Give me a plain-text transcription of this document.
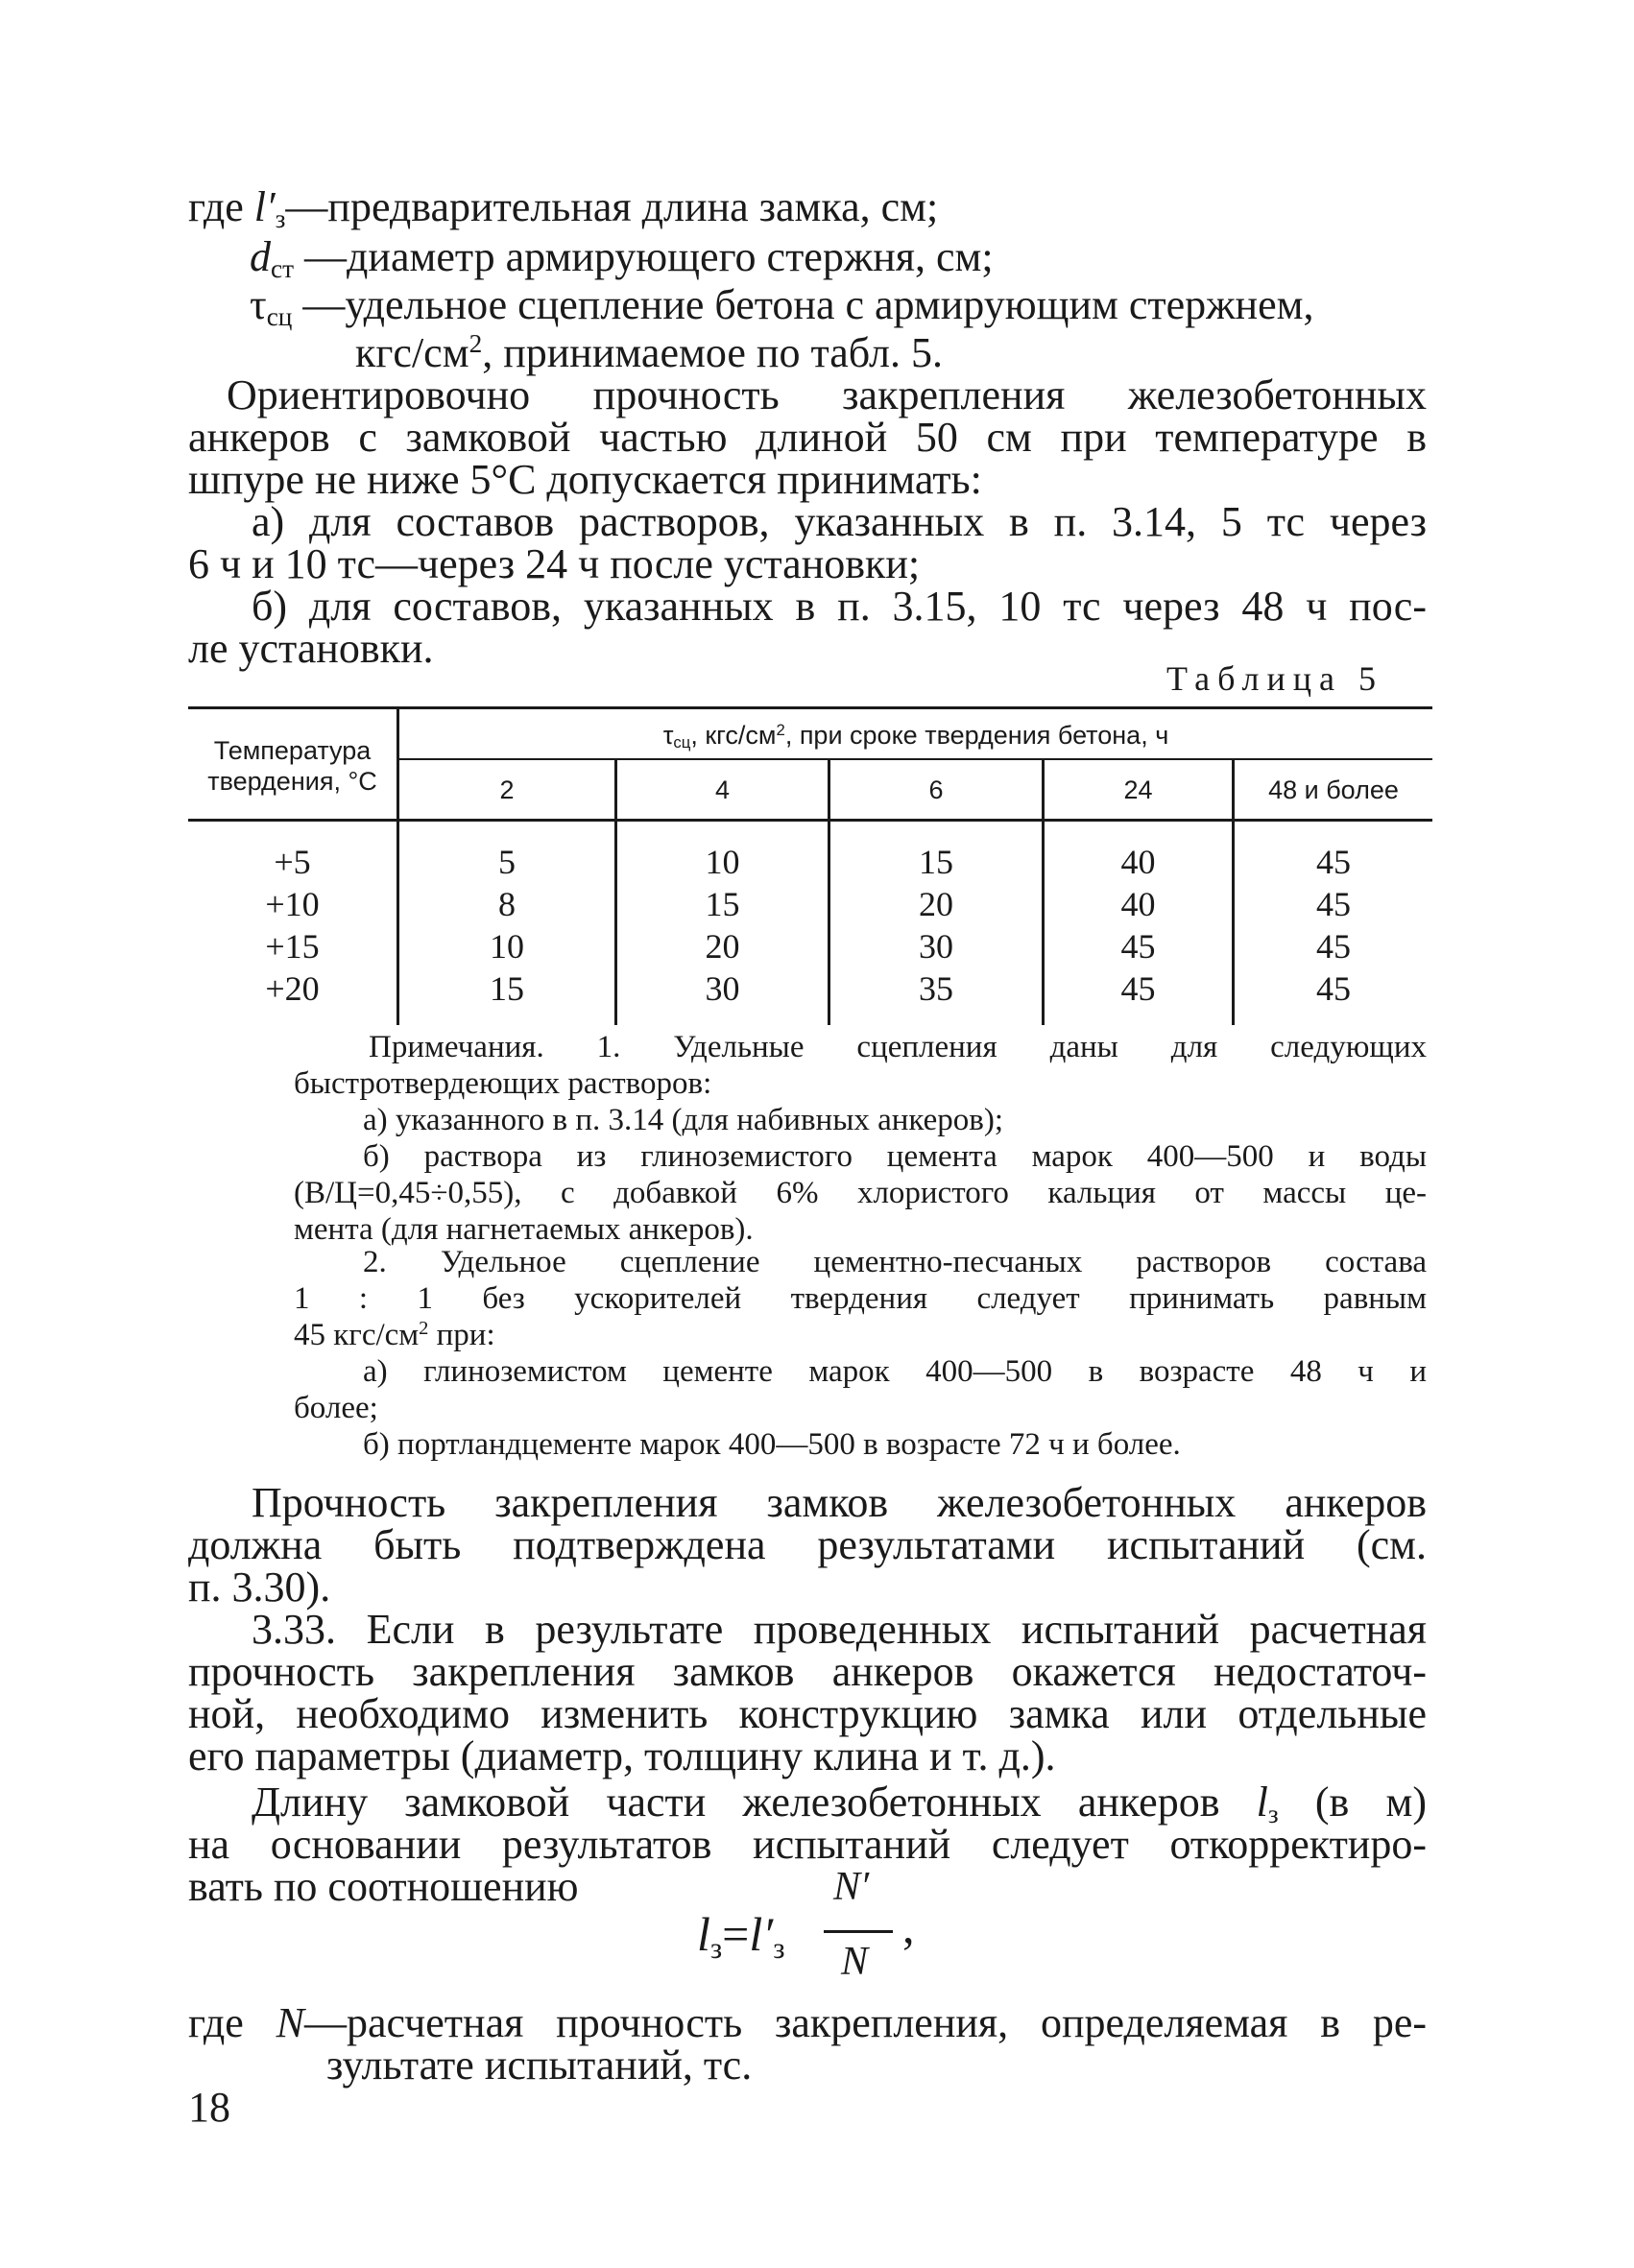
где $l'_з—предварительная$ длина замка, см;
$d_{ст}$ —диаметр армирующего стержня, см;
$\tau_{сц}$ —удельное сцепление бетона с армирующим стержнем,
кгс/$см^2$, принимаемое по табл. 5.
Ориентировочно прочность закрепления железобетонных
анкеров с замковой частью длиной 50 см при температуре в
шпуре не ниже 5°С допускается принимать:
а) для составов растворов, указанных в п. 3.14, 5 тс через
6 ч и 10 тс—через 24 ч после установки;
б) для составов, указанных в п. 3.15, 10 тс через 48 ч пос-
ле установки.
Таблица 5
Температура
твердения, °С
$\tau_{сц}$, кгс/$см^2$, при сроке твердения бетона, ч
2	4	6	24	48 и более
+5	5	10	15	40	45
+10	8	15	20	40	45
+15	10	20	30	45	45
+20	15	30	35	45	45
Примечания. 1. Удельные сцепления даны для следующих
быстротвердеющих растворов:
а) указанного в п. 3.14 (для набивных анкеров);
б) раствора из глиноземистого цемента марок 400—500 и воды
(В/Ц=0,45÷0,55), с добавкой 6% хлористого кальция от массы це-
мента (для нагнетаемых анкеров).
2. Удельное сцепление цементно-песчаных растворов состава
1 : 1 без ускорителей твердения следует принимать равным
45 кгс/$см^2$ при:
а) глиноземистом цементе марок 400—500 в возрасте 48 ч и
более;
б) портландцементе марок 400—500 в возрасте 72 ч и более.
Прочность закрепления замков железобетонных анкеров
должна быть подтверждена результатами испытаний (см.
п. 3.30).
3.33. Если в результате проведенных испытаний расчетная
прочность закрепления замков анкеров окажется недостаточ-
ной, необходимо изменить конструкцию замка или отдельные
его параметры (диаметр, толщину клина и т. д.).
Длину замковой части железобетонных анкеров $l_з$ (в м)
на основании результатов испытаний следует откорректиро-
вать по соотношению
$l_з=l'_з$
N′
N
,
где N—расчетная прочность закрепления, определяемая в ре-
зультате испытаний, тс.
18
